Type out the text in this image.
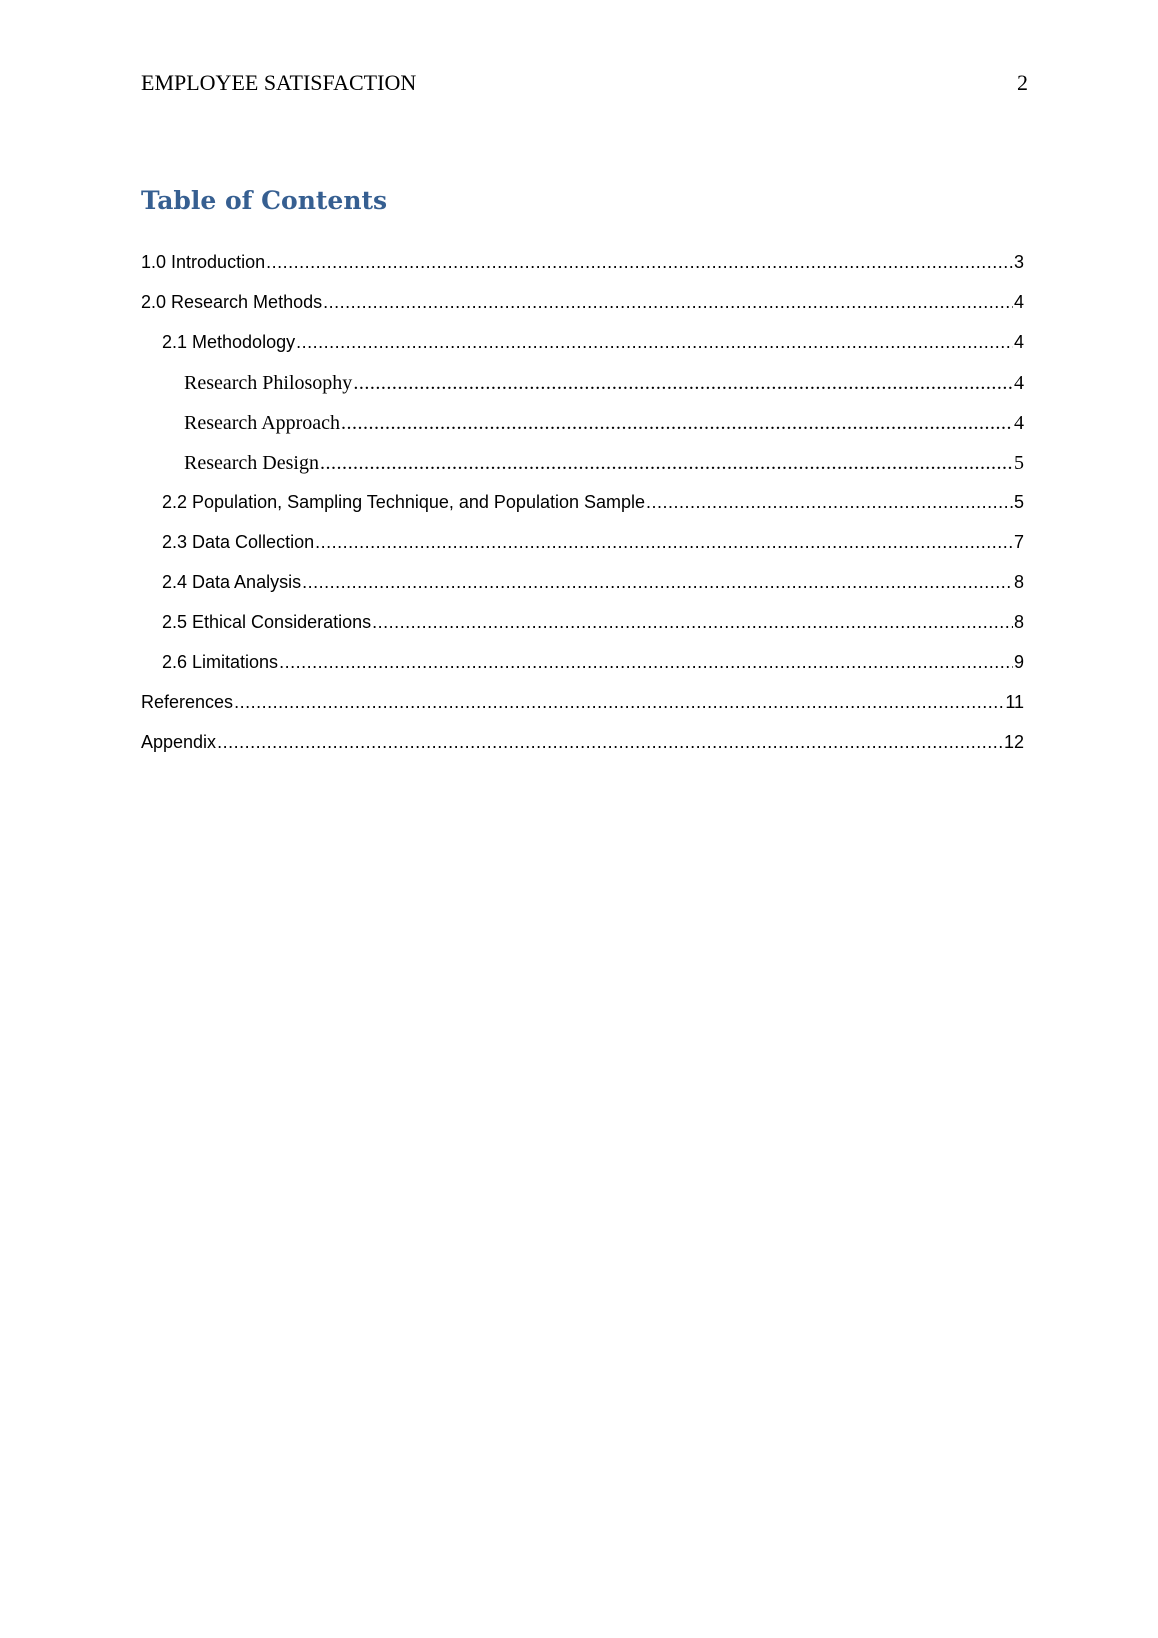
EMPLOYEE SATISFACTION	2
Table of Contents
1.0 Introduction .....	3
2.0 Research Methods .....	4
2.1 Methodology .....	4
Research Philosophy .....	4
Research Approach .....	4
Research Design .....	5
2.2 Population, Sampling Technique, and Population Sample .....	5
2.3 Data Collection .....	7
2.4 Data Analysis .....	8
2.5 Ethical Considerations .....	8
2.6 Limitations .....	9
References .....	11
Appendix .....	12
